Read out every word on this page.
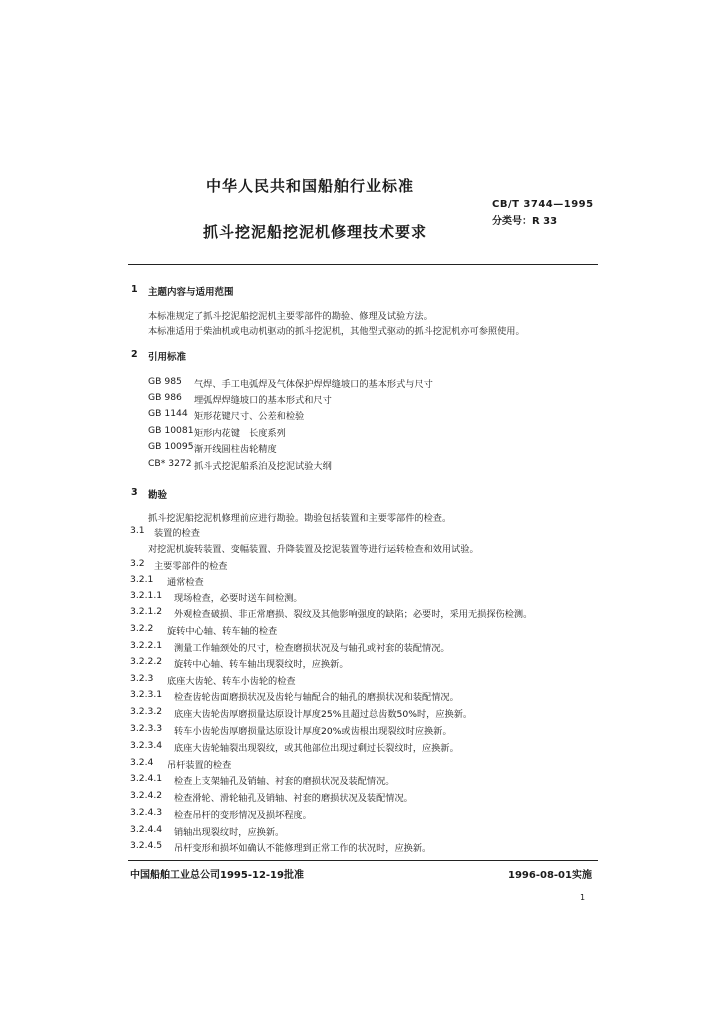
中华人民共和国船舶行业标准
CB/T 3744—1995
分类号：R 33
抓斗挖泥船挖泥机修理技术要求
1 主题内容与适用范围
本标准规定了抓斗挖泥船挖泥机主要零部件的勘验、修理及试验方法。
本标准适用于柴油机或电动机驱动的抓斗挖泥机，其他型式驱动的抓斗挖泥机亦可参照使用。
2 引用标准
GB 985 气焊、手工电弧焊及气体保护焊焊缝坡口的基本形式与尺寸
GB 986 埋弧焊焊缝坡口的基本形式和尺寸
GB 1144 矩形花键尺寸、公差和检验
GB 10081 矩形内花键　长度系列
GB 10095 渐开线圆柱齿轮精度
CB* 3272 抓斗式挖泥船系泊及挖泥试验大纲
3 勘验
抓斗挖泥船挖泥机修理前应进行勘验。勘验包括装置和主要零部件的检查。
3.1 装置的检查
对挖泥机旋转装置、变幅装置、升降装置及挖泥装置等进行运转检查和效用试验。
3.2 主要零部件的检查
3.2.1 通常检查
3.2.1.1 现场检查，必要时送车间检测。
3.2.1.2 外观检查破损、非正常磨损、裂纹及其他影响强度的缺陷；必要时，采用无损探伤检测。
3.2.2 旋转中心轴、转车轴的检查
3.2.2.1 测量工作轴颈处的尺寸，检查磨损状况及与轴孔或衬套的装配情况。
3.2.2.2 旋转中心轴、转车轴出现裂纹时，应换新。
3.2.3 底座大齿轮、转车小齿轮的检查
3.2.3.1 检查齿轮齿面磨损状况及齿轮与轴配合的轴孔的磨损状况和装配情况。
3.2.3.2 底座大齿轮齿厚磨损量达原设计厚度25%且超过总齿数50%时，应换新。
3.2.3.3 转车小齿轮齿厚磨损量达原设计厚度20%或齿根出现裂纹时应换新。
3.2.3.4 底座大齿轮轴裂出现裂纹，或其他部位出现过剩过长裂纹时，应换新。
3.2.4 吊杆装置的检查
3.2.4.1 检查上支架轴孔及销轴、衬套的磨损状况及装配情况。
3.2.4.2 检查滑轮、滑轮轴孔及销轴、衬套的磨损状况及装配情况。
3.2.4.3 检查吊杆的变形情况及损坏程度。
3.2.4.4 销轴出现裂纹时，应换新。
3.2.4.5 吊杆变形和损坏如确认不能修理到正常工作的状况时，应换新。
中国船舶工业总公司1995-12-19批准	1996-08-01实施
1
